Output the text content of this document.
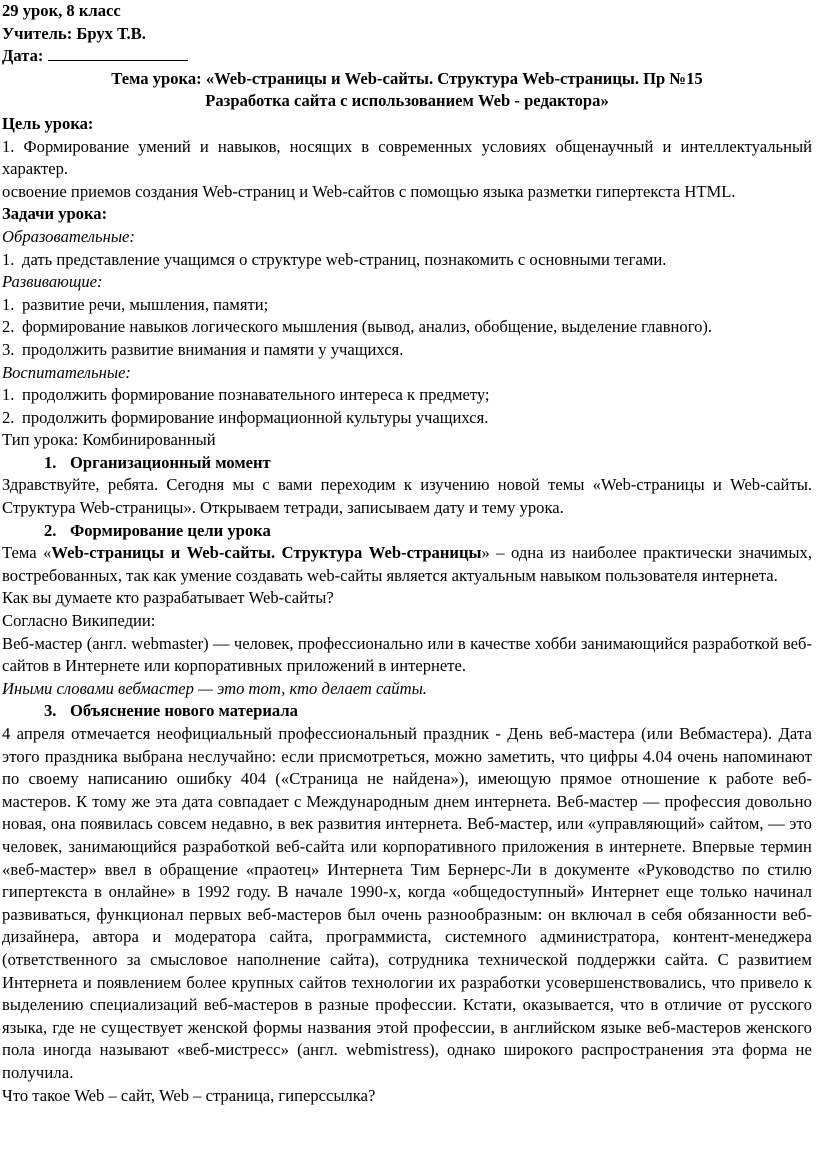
29 урок, 8 класс

Учитель: Брух Т.В.

Дата:

Тема урока: «Web-страницы и Web-сайты. Структура Web-страницы. Пр №15

Разработка сайта с использованием Web - редактора»

Цель урока:

1. Формирование умений и навыков, носящих в современных условиях общенаучный и интеллектуальный характер.

освоение приемов создания Web-страниц и Web-сайтов с помощью языка разметки гипертекста HTML.

Задачи урока:

Образовательные:

1. дать представление учащимся о структуре web-страниц, познакомить с основными тегами.

Развивающие:

1. развитие речи, мышления, памяти;

2. формирование навыков логического мышления (вывод, анализ, обобщение, выделение главного).

3. продолжить развитие внимания и памяти у учащихся.

Воспитательные:

1. продолжить формирование познавательного интереса к предмету;

2. продолжить формирование информационной культуры учащихся.

Тип урока: Комбинированный

1. Организационный момент

Здравствуйте, ребята. Сегодня мы с вами переходим к изучению новой темы «Web-страницы и Web-сайты. Структура Web-страницы». Открываем тетради, записываем дату и тему урока.

2. Формирование цели урока

Тема «Web-страницы и Web-сайты. Структура Web-страницы» – одна из наиболее практически значимых, востребованных, так как умение создавать web-сайты является актуальным навыком пользователя интернета.

Как вы думаете кто разрабатывает Web-сайты?

Согласно Википедии:

Веб-мастер (англ. webmaster) — человек, профессионально или в качестве хобби занимающийся разработкой веб-сайтов в Интернете или корпоративных приложений в интернете.

Иными словами вебмастер — это тот, кто делает сайты.

3. Объяснение нового материала

4 апреля отмечается неофициальный профессиональный праздник - День веб-мастера (или Вебмастера). Дата этого праздника выбрана неслучайно: если присмотреться, можно заметить, что цифры 4.04 очень напоминают по своему написанию ошибку 404 («Страница не найдена»), имеющую прямое отношение к работе веб-мастеров. К тому же эта дата совпадает с Международным днем интернета. Веб-мастер — профессия довольно новая, она появилась совсем недавно, в век развития интернета. Веб-мастер, или «управляющий» сайтом, — это человек, занимающийся разработкой веб-сайта или корпоративного приложения в интернете. Впервые термин «веб-мастер» ввел в обращение «праотец» Интернета Тим Бернерс-Ли в документе «Руководство по стилю гипертекста в онлайне» в 1992 году. В начале 1990-х, когда «общедоступный» Интернет еще только начинал развиваться, функционал первых веб-мастеров был очень разнообразным: он включал в себя обязанности веб-дизайнера, автора и модератора сайта, программиста, системного администратора, контент-менеджера (ответственного за смысловое наполнение сайта), сотрудника технической поддержки сайта. С развитием Интернета и появлением более крупных сайтов технологии их разработки усовершенствовались, что привело к выделению специализаций веб-мастеров в разные профессии. Кстати, оказывается, что в отличие от русского языка, где не существует женской формы названия этой профессии, в английском языке веб-мастеров женского пола иногда называют «веб-мистресс» (англ. webmistress), однако широкого распространения эта форма не получила.

Что такое Web – сайт, Web – страница, гиперссылка?
